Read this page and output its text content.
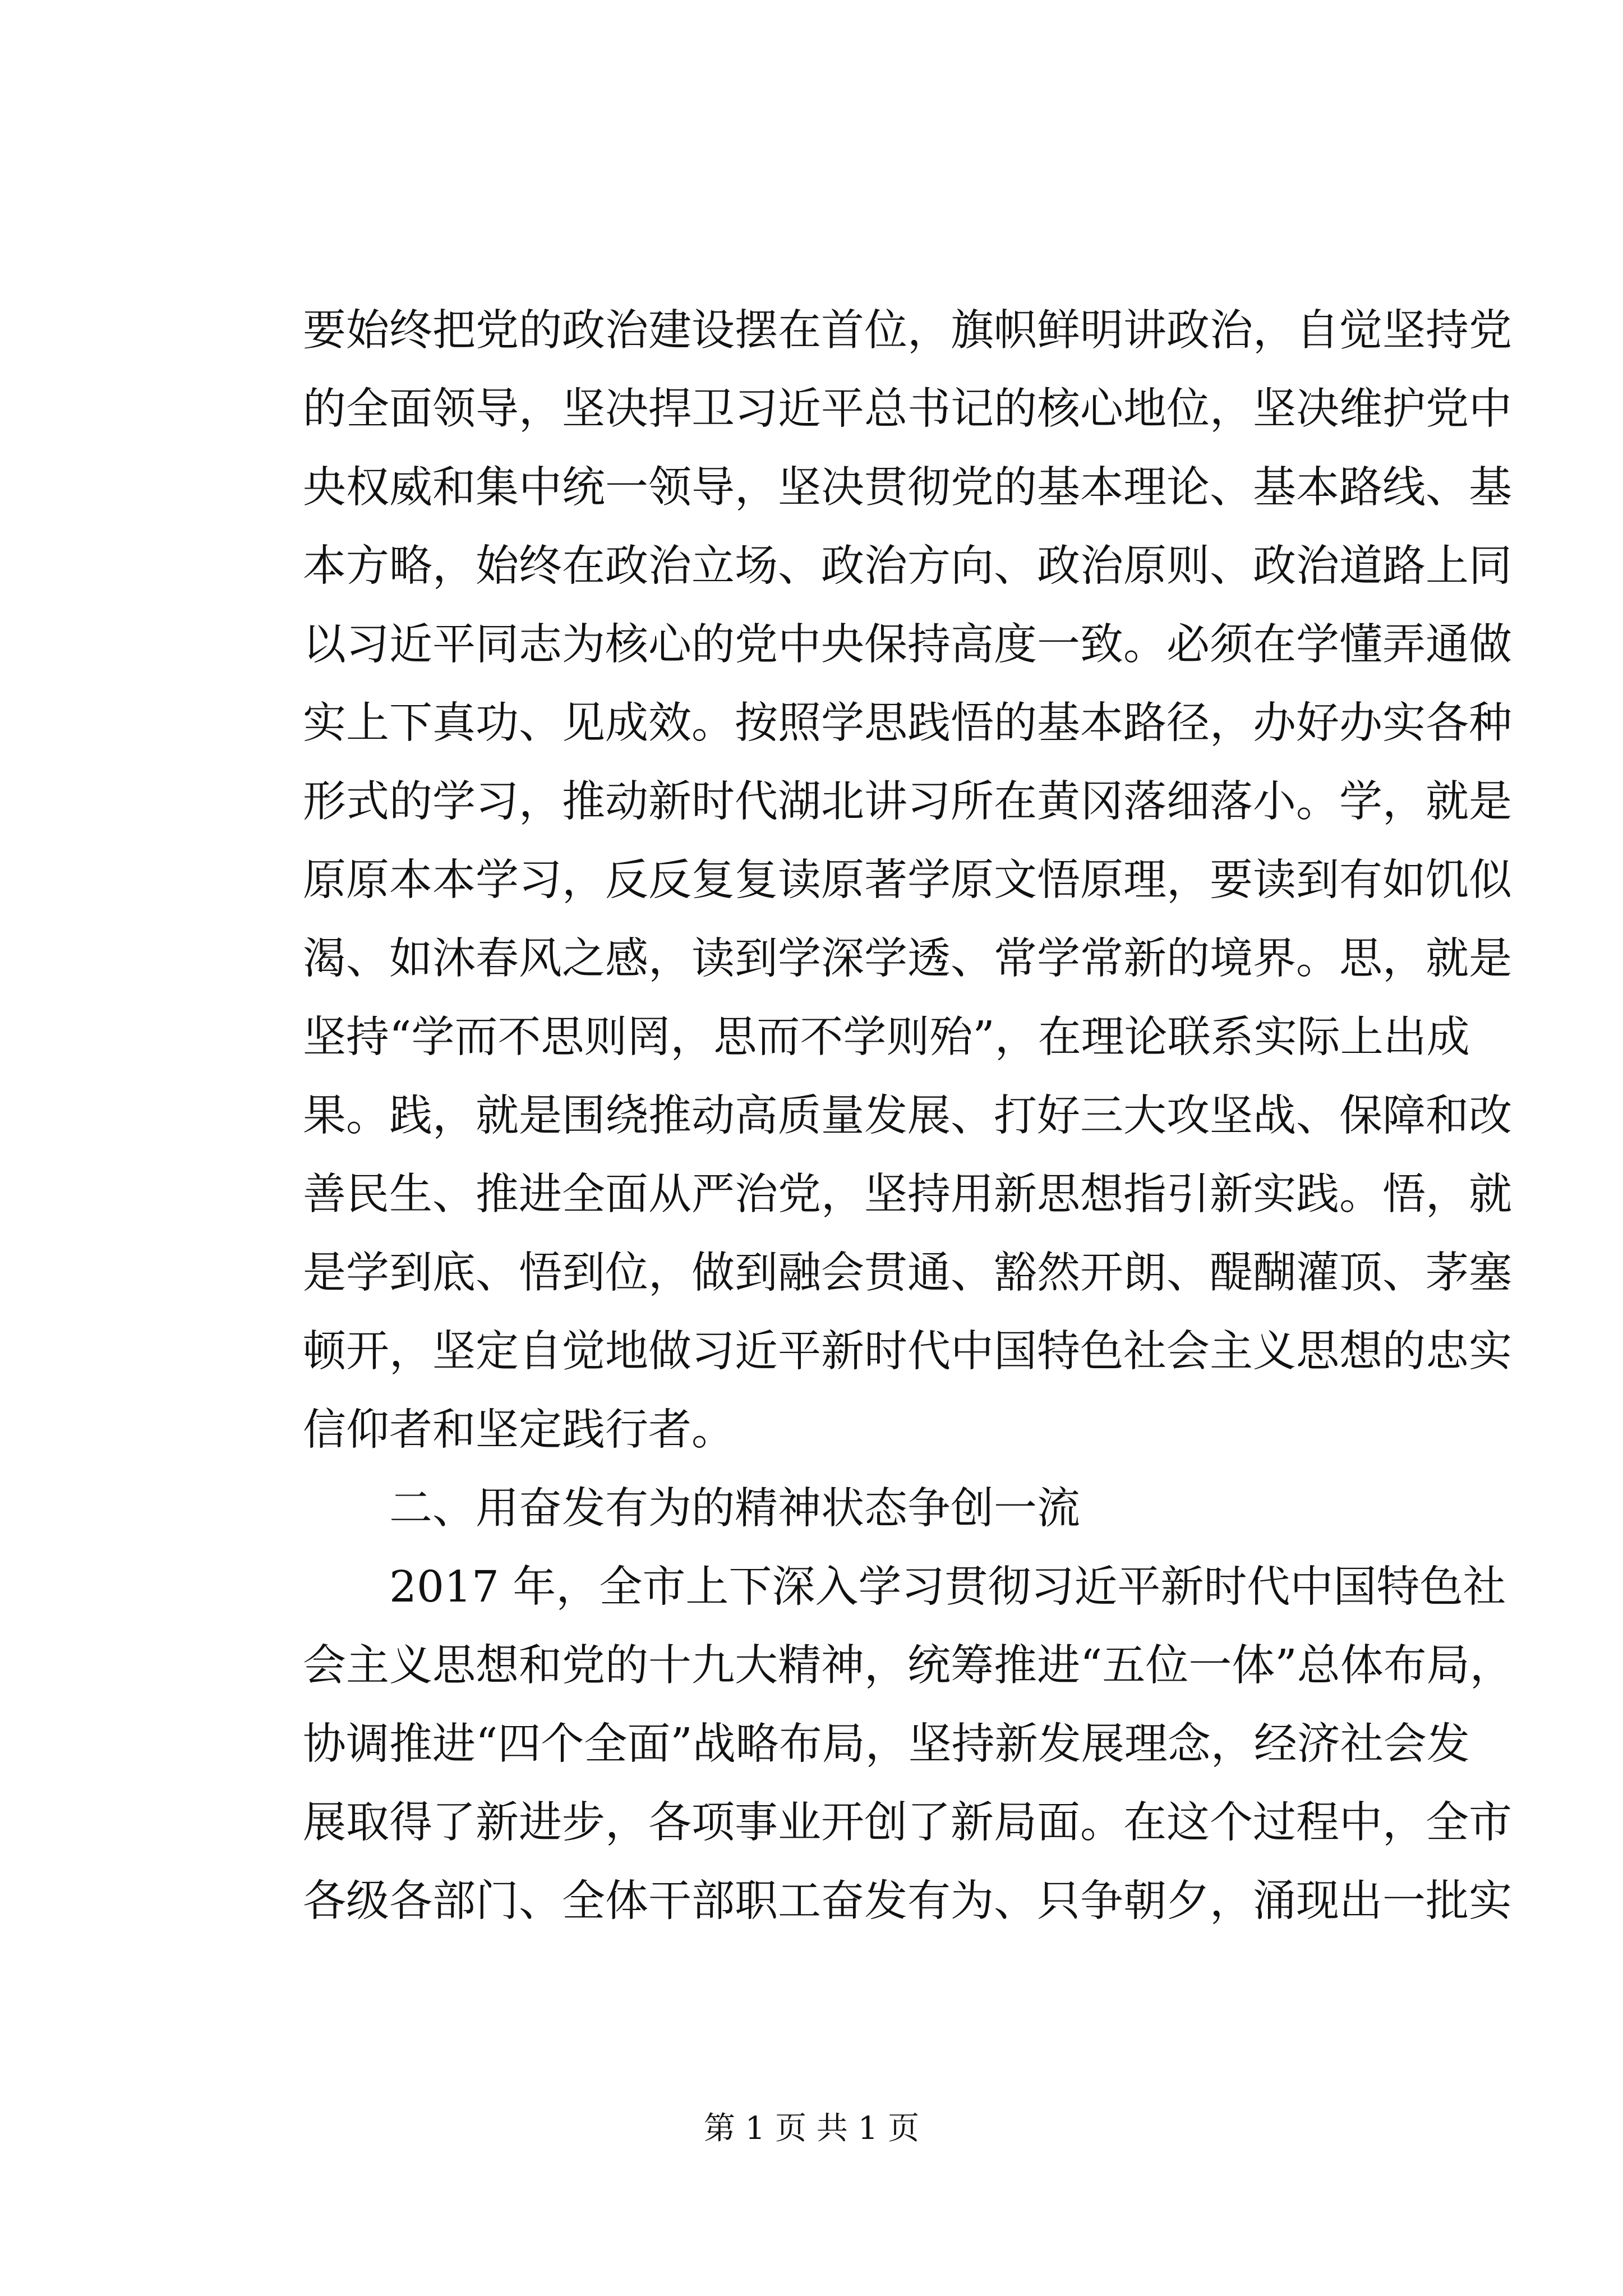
要始终把党的政治建设摆在首位，旗帜鲜明讲政治，自觉坚持党
的全面领导，坚决捍卫习近平总书记的核心地位，坚决维护党中
央权威和集中统一领导，坚决贯彻党的基本理论、基本路线、基
本方略，始终在政治立场、政治方向、政治原则、政治道路上同
以习近平同志为核心的党中央保持高度一致。必须在学懂弄通做
实上下真功、见成效。按照学思践悟的基本路径，办好办实各种
形式的学习，推动新时代湖北讲习所在黄冈落细落小。学，就是
原原本本学习，反反复复读原著学原文悟原理，要读到有如饥似
渴、如沐春风之感，读到学深学透、常学常新的境界。思，就是
坚持“学而不思则罔，思而不学则殆”，在理论联系实际上出成
果。践，就是围绕推动高质量发展、打好三大攻坚战、保障和改
善民生、推进全面从严治党，坚持用新思想指引新实践。悟，就
是学到底、悟到位，做到融会贯通、豁然开朗、醍醐灌顶、茅塞
顿开，坚定自觉地做习近平新时代中国特色社会主义思想的忠实
信仰者和坚定践行者。
　　二、用奋发有为的精神状态争创一流
　　2017 年，全市上下深入学习贯彻习近平新时代中国特色社
会主义思想和党的十九大精神，统筹推进“五位一体”总体布局，
协调推进“四个全面”战略布局，坚持新发展理念，经济社会发
展取得了新进步，各项事业开创了新局面。在这个过程中，全市
各级各部门、全体干部职工奋发有为、只争朝夕，涌现出一批实
第 1 页 共 1 页
